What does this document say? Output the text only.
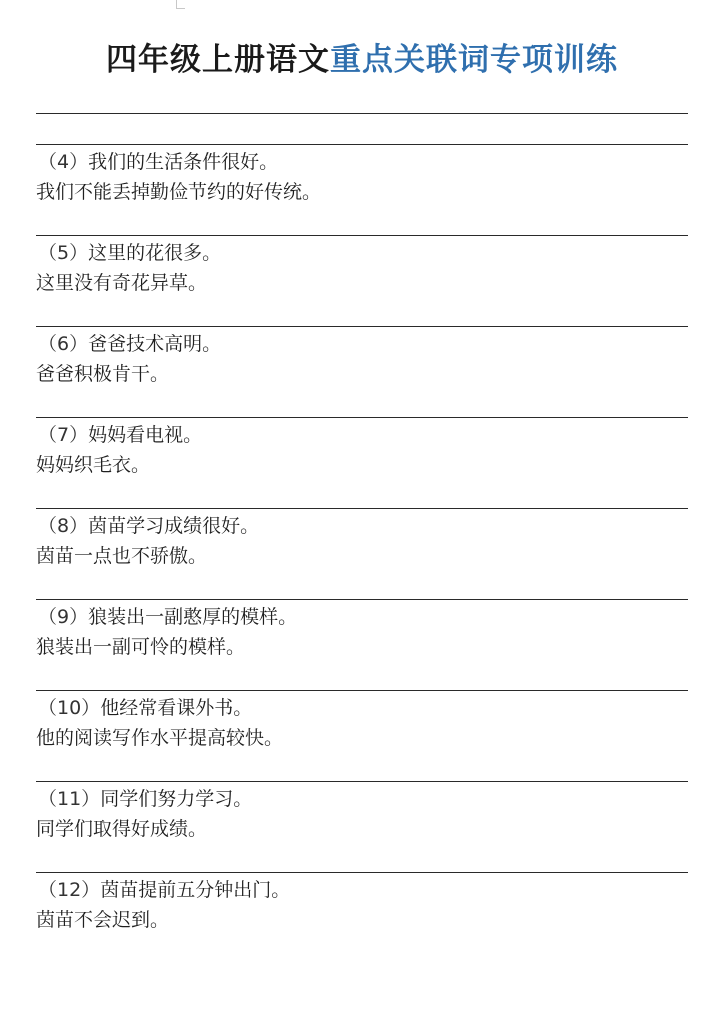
四年级上册语文重点关联词专项训练
（4）我们的生活条件很好。
我们不能丢掉勤俭节约的好传统。
（5）这里的花很多。
这里没有奇花异草。
（6）爸爸技术高明。
爸爸积极肯干。
（7）妈妈看电视。
妈妈织毛衣。
（8）茵苗学习成绩很好。
茵苗一点也不骄傲。
（9）狼装出一副憨厚的模样。
狼装出一副可怜的模样。
（10）他经常看课外书。
他的阅读写作水平提高较快。
（11）同学们努力学习。
同学们取得好成绩。
（12）茵苗提前五分钟出门。
茵苗不会迟到。
